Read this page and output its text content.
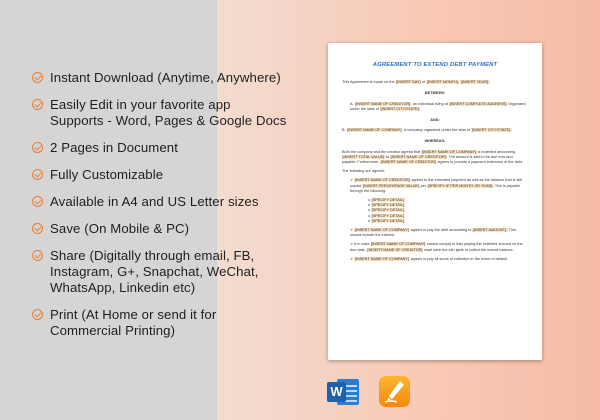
Instant Download (Anytime, Anywhere)
Easily Edit in your favorite app
Supports - Word, Pages & Google Docs
2 Pages in Document
Fully Customizable
Available in A4 and US Letter sizes
Save (On Mobile & PC)
Share (Digitally through email, FB,
Instagram, G+, Snapchat, WeChat,
WhatsApp, Linkedin etc)
Print (At Home or send it for
Commercial Printing)
AGREEMENT TO EXTEND DEBT PAYMENT
This Agreement is made on the [INSERT DAY] of [INSERT MONTH], [INSERT YEAR].
BETWEEN:
A. [INSERT NAME OF CREDITOR], an individual living at [INSERT COMPLETE ADDRESS] Organized under the laws of [INSERT CITY/STATE].
AND:
B. [INSERT NAME OF COMPANY], a company organized under the laws of [INSERT CITY/STATE].
WHEREAS:
Both the company and the creditor agreed that [INSERT NAME OF COMPANY] is indebted amounting [INSERT TOTAL VALUE] to [INSERT NAME OF CREDITOR]. The amount is said to be due now and payable. Furthermore, [INSERT NAME OF CREDITOR] agrees to provide a payment extension of the debt.
The following are agreed:
➢ [INSERT NAME OF CREDITOR] agrees to the extended payment as well as the balance that is still unpaid [INSERT PERCENTAGE VALUE] per [SPECIFY IF PER MONTH OR YEAR]. This is payable through the following:
o [SPECIFY DETAIL]
o [SPECIFY DETAIL]
o [SPECIFY DETAIL]
o [SPECIFY DETAIL]
o [SPECIFY DETAIL]
➢ [INSERT NAME OF COMPANY] agrees to pay the debt amounting to [INSERT AMOUNT]. This should include the interest.
➢ If in case [INSERT NAME OF COMPANY] cannot comply in fully paying the indebted amount on the due date, [INSERT NAME OF CREDITOR] shall have the full rights to collect the overall balance.
➢ [INSERT NAME OF COMPANY] agrees to pay all sums of collection in the event of default.
W
